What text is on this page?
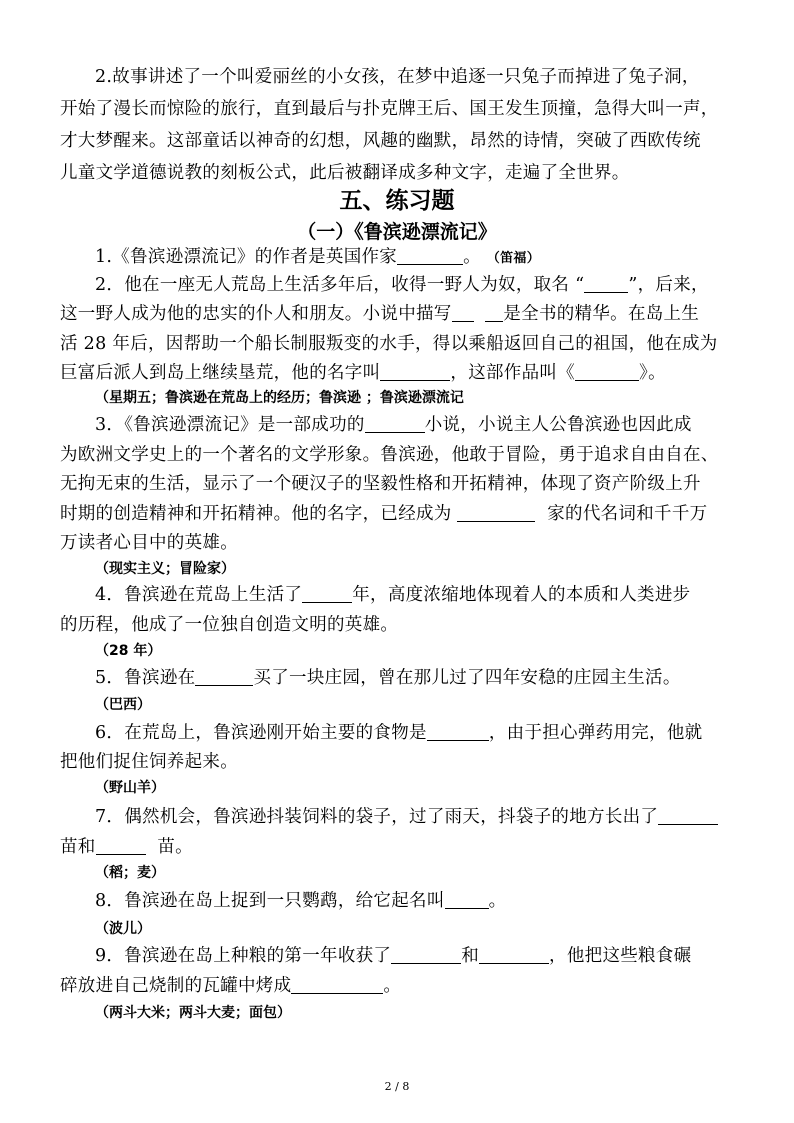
2.故事讲述了一个叫爱丽丝的小女孩，在梦中追逐一只兔子而掉进了兔子洞，
开始了漫长而惊险的旅行，直到最后与扑克牌王后、国王发生顶撞，急得大叫一声，
才大梦醒来。这部童话以神奇的幻想，风趣的幽默，昂然的诗情，突破了西欧传统
儿童文学道德说教的刻板公式，此后被翻译成多种文字，走遍了全世界。
五、练习题
（一）《鲁滨逊漂流记》
1.《鲁滨逊漂流记》的作者是英国作家	。 （笛福）
2．他在一座无人荒岛上生活多年后，收得一野人为奴，取名 “	”，后来，
这一野人成为他的忠实的仆人和朋友。小说中描写	是全书的精华。在岛上生
活 28 年后，因帮助一个船长制服叛变的水手，得以乘船返回自己的祖国，他在成为
巨富后派人到岛上继续垦荒，他的名字叫	，这部作品叫《	》。
（星期五；鲁滨逊在荒岛上的经历；鲁滨逊 ；鲁滨逊漂流记
3．《鲁滨逊漂流记》是一部成功的	小说，小说主人公鲁滨逊也因此成
为欧洲文学史上的一个著名的文学形象。鲁滨逊，他敢于冒险，勇于追求自由自在、
无拘无束的生活，显示了一个硬汉子的坚毅性格和开拓精神，体现了资产阶级上升
时期的创造精神和开拓精神。他的名字，已经成为	家的代名词和千千万
万读者心目中的英雄。
（现实主义；冒险家）
4．鲁滨逊在荒岛上生活了	年，高度浓缩地体现着人的本质和人类进步
的历程，他成了一位独自创造文明的英雄。
（28 年）
5．鲁滨逊在	买了一块庄园，曾在那儿过了四年安稳的庄园主生活。
（巴西）
6．在荒岛上，鲁滨逊刚开始主要的食物是	，由于担心弹药用完，他就
把他们捉住饲养起来。
（野山羊）
7．偶然机会，鲁滨逊抖装饲料的袋子，过了雨天，抖袋子的地方长出了
苗和	苗。
（稻；麦）
8．鲁滨逊在岛上捉到一只鹦鹉，给它起名叫	。
（波儿）
9．鲁滨逊在岛上种粮的第一年收获了	和	，他把这些粮食碾
碎放进自己烧制的瓦罐中烤成	。
（两斗大米；两斗大麦；面包）
2 / 8
